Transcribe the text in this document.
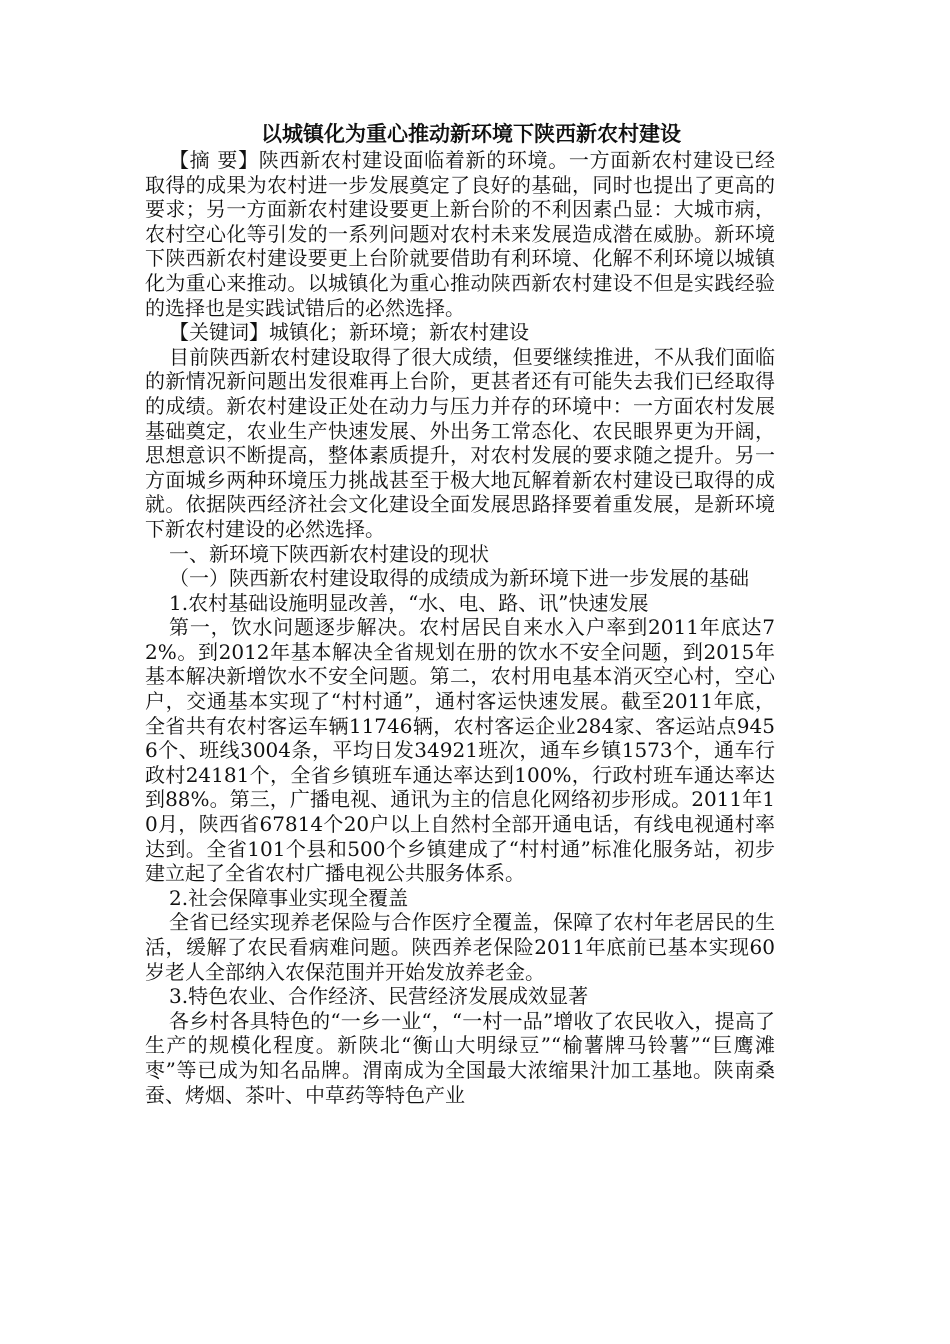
以城镇化为重心推动新环境下陕西新农村建设

【摘 要】陕西新农村建设面临着新的环境。一方面新农村建设已经取得的成果为农村进一步发展奠定了良好的基础，同时也提出了更高的要求；另一方面新农村建设要更上新台阶的不利因素凸显：大城市病，农村空心化等引发的一系列问题对农村未来发展造成潜在威胁。新环境下陕西新农村建设要更上台阶就要借助有利环境、化解不利环境以城镇化为重心来推动。以城镇化为重心推动陕西新农村建设不但是实践经验的选择也是实践试错后的必然选择。

【关键词】城镇化；新环境；新农村建设

目前陕西新农村建设取得了很大成绩，但要继续推进，不从我们面临的新情况新问题出发很难再上台阶，更甚者还有可能失去我们已经取得的成绩。新农村建设正处在动力与压力并存的环境中：一方面农村发展基础奠定，农业生产快速发展、外出务工常态化、农民眼界更为开阔，思想意识不断提高，整体素质提升，对农村发展的要求随之提升。另一方面城乡两种环境压力挑战甚至于极大地瓦解着新农村建设已取得的成就。依据陕西经济社会文化建设全面发展思路择要着重发展，是新环境下新农村建设的必然选择。

一、新环境下陕西新农村建设的现状

（一）陕西新农村建设取得的成绩成为新环境下进一步发展的基础

1.农村基础设施明显改善，“水、电、路、讯”快速发展

第一，饮水问题逐步解决。农村居民自来水入户率到2011年底达72%。到2012年基本解决全省规划在册的饮水不安全问题，到2015年基本解决新增饮水不安全问题。第二，农村用电基本消灭空心村，空心户，交通基本实现了“村村通”，通村客运快速发展。截至2011年底，全省共有农村客运车辆11746辆，农村客运企业284家、客运站点9456个、班线3004条，平均日发34921班次，通车乡镇1573个，通车行政村24181个，全省乡镇班车通达率达到100%，行政村班车通达率达到88%。第三，广播电视、通讯为主的信息化网络初步形成。2011年10月，陕西省67814个20户以上自然村全部开通电话，有线电视通村率达到。全省101个县和500个乡镇建成了“村村通”标准化服务站，初步建立起了全省农村广播电视公共服务体系。

2.社会保障事业实现全覆盖

全省已经实现养老保险与合作医疗全覆盖，保障了农村年老居民的生活，缓解了农民看病难问题。陕西养老保险2011年底前已基本实现60岁老人全部纳入农保范围并开始发放养老金。

3.特色农业、合作经济、民营经济发展成效显著

各乡村各具特色的“一乡一业“，“一村一品”增收了农民收入，提高了生产的规模化程度。新陕北“衡山大明绿豆”“榆薯牌马铃薯”“巨鹰滩枣”等已成为知名品牌。渭南成为全国最大浓缩果汁加工基地。陕南桑蚕、烤烟、茶叶、中草药等特色产业
